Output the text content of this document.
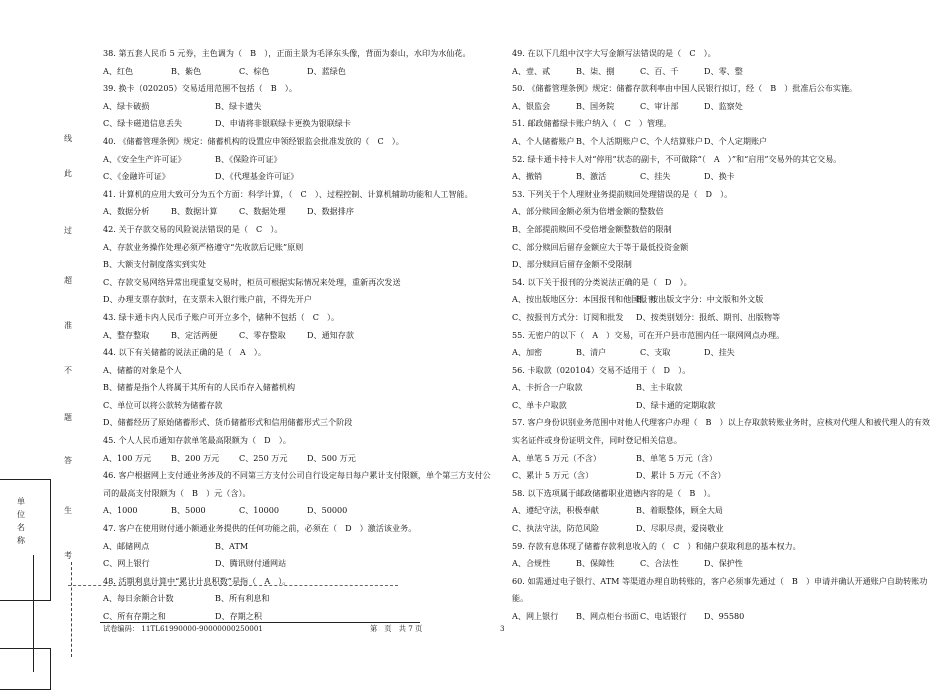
单
位
名
称
线
此
过
超
准
不
题
答
生
考
38. 第五套人民币 5 元券，主色调为（　B　），正面主景为毛泽东头像，背面为泰山，水印为水仙花。
A、红色	B、紫色	C、棕色	D、蓝绿色
39. 换卡（020205）交易适用范围不包括（　B　）。
A、绿卡破损	B、绿卡遗失
C、绿卡磁道信息丢失	D、申请将非银联绿卡更换为银联绿卡
40. 《储蓄管理条例》规定：储蓄机构的设置应申领经银监会批准发放的（　C　）。
A、《安全生产许可证》	B、《保险许可证》
C、《金融许可证》	D、《代理基金许可证》
41. 计算机的应用大致可分为五个方面：科学计算，（　C　）、过程控制、计算机辅助功能和人工智能。
A、数据分析	B、数据计算	C、数据处理	D、数据排序
42. 关于存款交易的风险说法错误的是（　C　）。
A、存款业务操作处理必须严格遵守“先收款后记账”原则
B、大额支付制度落实到实处
C、存款交易网络异常出现重复交易时，柜员可根据实际情况来处理，重新再次发送
D、办理支票存款时，在支票未入银行账户前，不得先开户
43. 绿卡通卡内人民币子账户可开立多个，储种不包括（　C　）。
A、整存整取	B、定活两便	C、零存整取	D、通知存款
44. 以下有关储蓄的说法正确的是（　A　）。
A、储蓄的对象是个人
B、储蓄是指个人将属于其所有的人民币存入储蓄机构
C、单位可以将公款转为储蓄存款
D、储蓄经历了原始储蓄形式、货币储蓄形式和信用储蓄形式三个阶段
45. 个人人民币通知存款单笔最高限额为（　D　）。
A、100 万元 B、200 万元 C、250 万元 D、500 万元
46. 客户根据网上支付通业务涉及的不同第三方支付公司自行设定每日每户累计支付限额，单个第三方支付公司的最高支付限额为（　B　）元（含）。
A、1000	B、5000	C、10000	D、50000
47. 客户在使用财付通小额通业务提供的任何功能之前，必须在（　D　）激活该业务。
A、邮储网点	B、ATM
C、网上银行	D、腾讯财付通网站
48. 活期利息计算中“累计计息积数”是指（　A　）。
A、每日余额合计数	B、所有利息和
C、所有存期之和	D、存期之积
49. 在以下几组中汉字大写金额写法错误的是（　C　）。
A、壹、贰	B、柒、捌	C、百、千	D、零、整
50. 《储蓄管理条例》规定：储蓄存款利率由中国人民银行拟订，经（　B　）批准后公布实施。
A、银监会	B、国务院	C、审计部	D、监察处
51. 邮政储蓄绿卡账户纳入（　C　）管理。
A、个人储蓄账户B、个人活期账户C、个人结算账户D、个人定期账户
52. 绿卡通卡持卡人对“停用”状态的副卡，不可做除“（　A　）”和“启用”交易外的其它交易。
A、撤销	B、激活	C、挂失	D、换卡
53. 下列关于个人理财业务提前赎回处理错误的是（　D　）。
A、部分赎回金额必须为倍增金额的整数倍
B、全部提前赎回不受倍增金额整数倍的限制
C、部分赎回后留存金额应大于等于最低投资金额
D、部分赎回后留存金额不受限制
54. 以下关于报刊的分类说法正确的是（　D　）。
A、按出版地区分：本国报刊和他国报刊B、按出版文字分：中文版和外文版
C、按报刊方式分：订阅和批发 D、按类别划分：报纸、期刊、出版物等
55. 无密户的以下（　A　）交易，可在开户县市范围内任一联网网点办理。
A、加密	B、清户	C、支取	D、挂失
56. 卡取款（020104）交易不适用于（　D　）。
A、卡折合一户取款	B、主卡取款
C、单卡户取款	D、绿卡通的定期取款
57. 客户身份识别业务范围中对他人代理客户办理（　B　）以上存取款转账业务时，应核对代理人和被代理人的有效实名证件或身份证明文件，同时登记相关信息。
A、单笔 5 万元（不含）	B、单笔 5 万元（含）
C、累计 5 万元（含）	D、累计 5 万元（不含）
58. 以下选项属于邮政储蓄职业道德内容的是（　B　）。
A、遵纪守法，积极奉献	B、着眼整体，顾全大局
C、执法守法，防范风险	D、尽职尽责，爱岗敬业
59. 存款有息体现了储蓄存款利息收入的（　C　）和储户获取利息的基本权力。
A、合规性	B、保障性	C、合法性	D、保护性
60. 如需通过电子银行、ATM 等渠道办理自助转账的，客户必须事先通过（　B　）申请并确认开通账户自助转账功能。
A、网上银行 B、网点柜台书面C、电话银行 D、95580
试卷编码： 11TL61990000-90000000250001	第　页　共 7 页	3
